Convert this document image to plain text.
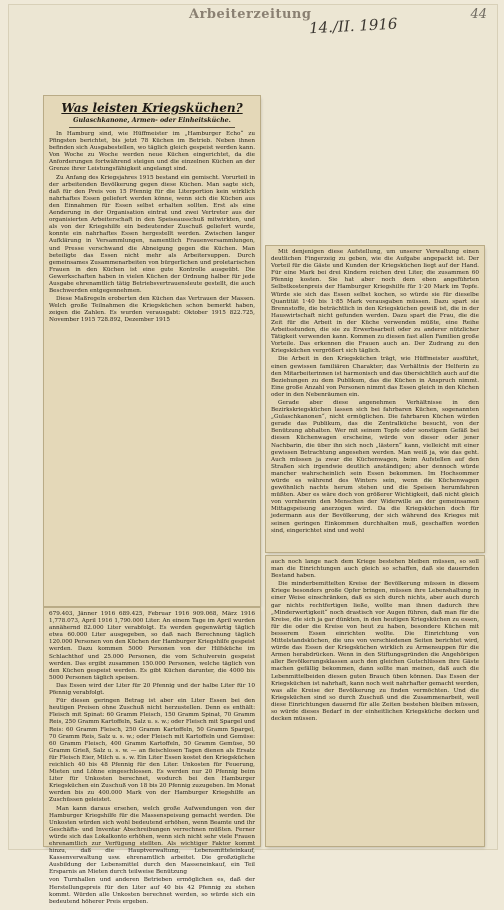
Arbeiterzeitung
14./II. 1916
44
Was leisten Kriegsküchen?
Gulaschkanone, Armen- oder Einheitsküche.

In Hamburg sind, wie Hüffmeister im „Hamburger Echo“ zu Pfingsten berichtet, bis jetzt 78 Küchen im Betrieb. Neben ihnen befinden sich Ausgabestellen, wo täglich gleich gespeist werden kann. Von Woche zu Woche werden neue Küchen eingerichtet, da die Anforderungen fortwährend steigen und die einzelnen Küchen an der Grenze ihrer Leistungsfähigkeit angelangt sind.

Zu Anfang des Kriegsjahres 1915 bestand ein gemischt. Vorurteil in der arbeitenden Bevölkerung gegen diese Küchen. Man sagte sich, daß für den Preis von 15 Pfennig für die Literportion kein wirklich nahrhaftes Essen geliefert werden könne, wenn sich die Küchen aus den Einnahmen für Essen selbst erhalten sollten. Erst als eine Aenderung in der Organisation eintrat und zwei Vertreter aus der organisierten Arbeiterschaft in den Speiseausschuß mitwirkten, und als von der Kriegshilfe ein bedeutender Zuschuß geliefert wurde, konnte ein nahrhaftes Essen hergestellt werden. Zwischen langer Aufklärung in Versammlungen, namentlich Frauenversammlungen, und Presse verschwand die Abneigung gegen die Küchen. Man beteiligte das Essen nicht mehr als Arbeitersuppen. Durch gemeinsames Zusammenarbeiten von bürgerlichen und proletarischen Frauen in den Küchen ist eine gute Kontrolle ausgeübt. Die Gewerkschaften haben in vielen Küchen der Ordnung halber für jede Ausgabe ehrenamtlich tätig Betriebsvertrauensleute gestellt, die auch Beschwerden entgegennehmen.

Diese Maßregeln eroberten den Küchen das Vertrauen der Massen. Welch große Teilnahmen die Kriegsküchen schon bemerkt haben, zeigen die Zahlen. Es wurden verausgabt: Oktober 1915 822.725, November 1915 728.892, Dezember 1915

679.403, Jänner 1916 689.425, Februar 1916 909.068, März 1916 1,778.073, April 1916 1,790.000 Liter. An einem Tage im April wurden annähernd 82.000 Liter verabfolgt. Es werden gegenwärtig täglich etwa 60.000 Liter ausgegeben, so daß nach Berechnung täglich 120.000 Personen von den Küchen der Hamburger Kriegshilfe gespeist werden. Dazu kommen 5000 Personen von der Hilfsküche im Schlachthof und 25.000 Personen, die vom Schulverein gespeist werden. Das ergibt zusammen 150.000 Personen, welche täglich von den Küchen gespeist werden. Es gibt Küchen darunter, die 4000 bis 5000 Personen täglich speisen.

Das Essen wird der Liter für 20 Pfennig und der halbe Liter für 10 Pfennig verabfolgt.

Für diesen geringen Betrag ist aber ein Liter Essen bei den heutigen Preisen ohne Zuschuß nicht herzustellen. Denn es enthält: Fleisch mit Spinat: 60 Gramm Fleisch, 150 Gramm Spinat, 70 Gramm Reis, 250 Gramm Kartoffeln, Salz u. s. w.; oder Fleisch mit Spargel und Reis: 60 Gramm Fleisch, 250 Gramm Kartoffeln, 50 Gramm Spargel, 70 Gramm Reis, Salz u. s. w.; oder Fleisch mit Kartoffeln und Gemüse: 60 Gramm Fleisch, 400 Gramm Kartoffeln, 50 Gramm Gemüse, 50 Gramm Grieß, Salz u. s. w. — an fleischlosen Tagen dienen als Ersatz für Fleisch Eier, Milch u. s. w. Ein Liter Essen kostet den Kriegsküchen reichlich 40 bis 48 Pfennig für den Liter. Unkosten für Feuerung, Mieten und Löhne eingeschlossen. Es werden nur 20 Pfennig beim Liter für Unkosten berechnet, wodurch bei den Hamburger Kriegsküchen ein Zuschuß von 18 bis 20 Pfennig zuzugeben. Im Monat werden bis zu 400.000 Mark von der Hamburger Kriegshilfe an Zuschüssen geleistet.

Man kann daraus ersehen, welch große Aufwendungen von der Hamburger Kriegshilfe für die Massenspeisung gemacht werden. Die Unkosten würden sich wohl bedeutend erhöhen, wenn Beamte und ihr Geschäfts- und Inventar Abschreibungen verrechnen müßten. Ferner würde sich das Lokalkonto erhöhen, wenn sich nicht sehr viele Frauen ehrenamtlich zur Verfügung stellten. Als wichtiger Faktor kommt hinzu, daß die Hauptverwaltung, Lebensmitteleinkauf, Kassenverwaltung usw. ehrenamtlich arbeitet. Die großzügliche Ausbildung der Lebensmittel durch den Masseneinkauf, ein Teil Ersparnis an Mieten durch teilweise Benützung

von Turnhallen und anderen Betrieben ermöglichen es, daß der Herstellungspreis für den Liter auf 40 bis 42 Pfennig zu stehen kommt. Würden alle Unkosten berechnet werden, so würde sich ein bedeutend höherer Preis ergeben.

Mit denjenigen diese Aufstellung, um unserer Verwaltung einen deutlichen Fingerzeig zu geben, wie die Aufgabe angepackt ist. Der Vorteil für die Gäste und Kunden der Kriegsküchen liegt auf der Hand. Für eine Mark bei drei Kindern reichen drei Liter, die zusammen 60 Pfennig kosten. Sie hat aber noch dem eben angeführten Selbstkostenpreis der Hamburger Kriegshilfe für 1·20 Mark im Topfe. Würde sie sich das Essen selbst kochen, so würde sie für dieselbe Quantität 1·40 bis 1·85 Mark verausgaben müssen. Dazu spart sie Brennstoffe, die beträchtlich in den Kriegsküchen gewiß ist, die in der Hauswirtschaft nicht gefunden werden. Dazu spart die Frau, die die Zeit für die Arbeit in der Küche verwenden müßte, eine Reihe Arbeitsstunden, die sie zu Erwerbsarbeit oder zu anderer nützlicher Tätigkeit verwenden kann. Kommen zu diesen fast allen Familien große Vorteile. Das erkennen die Frauen auch an. Der Zudrang zu den Kriegsküchen vergrößert sich täglich.

Die Arbeit in den Kriegsküchen trägt, wie Hüffmeister ausführt, einen gewissen familiären Charakter; das Verhältnis der Helferin zu den Mitarbeiterinnen ist harmonisch und das übersichtlich auch auf die Beziehungen zu dem Publikum, das die Küchen in Anspruch nimmt. Eine große Anzahl von Personen nimmt das Essen gleich in den Küchen oder in den Nebenräumen ein.

Gerade aber diese angenehmen Verhältnisse in den Bezirkskriegsküchen lassen sich bei fahrbaren Küchen, sogenannten „Gulaschkanonen“, nicht ermöglichen. Die fahrbaren Küchen würden gerade das Publikum, das die Zentralküche besucht, von der Benützung abhalten. Wer mit seinem Topfe oder sonstigem Gefäß bei diesen Küchenwagen erscheine, würde von dieser oder jener Nachbarin, die über ihn sich noch „lästern“ kann, vielleicht mit einer gewissen Betrachtung angesehen werden. Man weiß ja, wie das geht. Auch müssen ja zwar die Küchenwagen, beim Aufstellen auf den Straßen sich irgendwie deutlich anständigen; aber dennoch würde mancher wahrscheinlich sein Essen bekommen. Im Hochsommer würde es während des Winters sein, wenn die Küchenwagen gewöhnlich nachts herum stehen und die Speisen herumfahren müßten. Aber es wäre doch von größerer Wichtigkeit, daß nicht gleich von vornherein den Menschen der Widerwille an der gemeinsamen Mittagspeisung anerzogen wird. Da die Kriegsküchen doch für jedermann aus der Bevölkerung, der sich während des Krieges mit seinen geringen Einkommen durchhalten muß, geschaffen worden sind, eingerichtet sind und wohl

auch noch lange nach dem Kriege bestehen bleiben müssen, so soll man die Einrichtungen auch gleich so schaffen, daß sie dauernden Bestand haben.

Die minderbemittelten Kreise der Bevölkerung müssen in diesem Kriege besonders große Opfer bringen, müssen ihre Lebenshaltung in einer Weise einschränken, daß es sich durch nichts, aber auch durch gar nichts rechtfertigen ließe, wollte man ihnen dadurch ihre „Minderwertigkeit“ noch drastisch vor Augen führen, daß man für die Kreise, die sich ja gar dünkten, in den heutigen Kriegsküchen zu essen, für die oder die Kreise von heut zu haben, besondere Küchen mit besserem Essen einrichten wollte. Die Einrichtung von Mittelstandsküchen, die uns von verschiedenen Seiten berichtet wird, würde das Essen der Kriegsküchen wirklich zu Armensuppen für die Armen herabdrücken. Wenn in den Stiftungsgründen die Angehörigen aller Bevölkerungsklassen auch den gleichen Gutschlüssen ihre Gäste machen gefällig bekommen, dann sollte man meinen, daß auch die Lebenmittelbeiden diesen guten Brauch üben können. Das Essen der Kriegsküchen ist nahrhaft, kann noch weit nahrhafter gemacht werden, was alle Kreise der Bevölkerung zu finden vermöchten. Und die Kriegsküchen sind so durch Zuschuß und die Zusammenarbeit, weil diese Einrichtungen dauernd für alle Zeiten bestehen bleiben müssen, so würde dieses Bedarf in der einheitlichen Kriegsküche decken und decken müssen.
